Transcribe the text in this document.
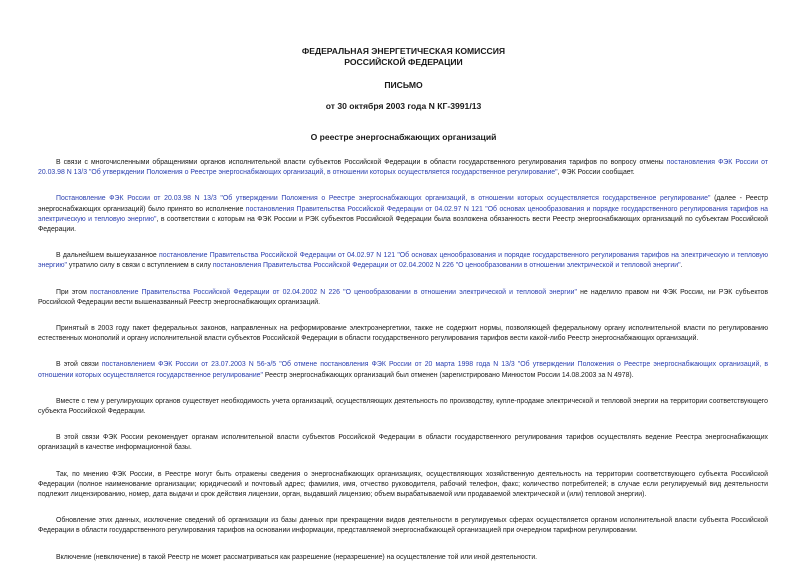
ФЕДЕРАЛЬНАЯ ЭНЕРГЕТИЧЕСКАЯ КОМИССИЯ
РОССИЙСКОЙ ФЕДЕРАЦИИ
ПИСЬМО
от 30 октября 2003 года N КГ-3991/13
О реестре энергоснабжающих организаций

В связи с многочисленными обращениями органов исполнительной власти субъектов Российской Федерации в области государственного регулирования тарифов по вопросу отмены постановления ФЭК России от 20.03.98 N 13/3 "Об утверждении Положения о Реестре энергоснабжающих организаций, в отношении которых осуществляется государственное регулирование", ФЭК России сообщает.

Постановление ФЭК России от 20.03.98 N 13/3 "Об утверждении Положения о Реестре энергоснабжающих организаций, в отношении которых осуществляется государственное регулирование" (далее - Реестр энергоснабжающих организаций) было принято во исполнение постановления Правительства Российской Федерации от 04.02.97 N 121 "Об основах ценообразования и порядке государственного регулирования тарифов на электрическую и тепловую энергию", в соответствии с которым на ФЭК России и РЭК субъектов Российской Федерации была возложена обязанность вести Реестр энергоснабжающих организаций по субъектам Российской Федерации.

В дальнейшем вышеуказанное постановление Правительства Российской Федерации от 04.02.97 N 121 "Об основах ценообразования и порядке государственного регулирования тарифов на электрическую и тепловую энергию" утратило силу в связи с вступлением в силу постановления Правительства Российской Федерации от 02.04.2002 N 226 "О ценообразовании в отношении электрической и тепловой энергии".

При этом постановление Правительства Российской Федерации от 02.04.2002 N 226 "О ценообразовании в отношении электрической и тепловой энергии" не наделило правом ни ФЭК России, ни РЭК субъектов Российской Федерации вести вышеназванный Реестр энергоснабжающих организаций.

Принятый в 2003 году пакет федеральных законов, направленных на реформирование электроэнергетики, также не содержит нормы, позволяющей федеральному органу исполнительной власти по регулированию естественных монополий и органу исполнительной власти субъектов Российской Федерации в области государственного регулирования тарифов вести какой-либо Реестр энергоснабжающих организаций.

В этой связи постановлением ФЭК России от 23.07.2003 N 56-э/5 "Об отмене постановления ФЭК России от 20 марта 1998 года N 13/3 "Об утверждении Положения о Реестре энергоснабжающих организаций, в отношении которых осуществляется государственное регулирование" Реестр энергоснабжающих организаций был отменен (зарегистрировано Минюстом России 14.08.2003 за N 4978).

Вместе с тем у регулирующих органов существует необходимость учета организаций, осуществляющих деятельность по производству, купле-продаже электрической и тепловой энергии на территории соответствующего субъекта Российской Федерации.

В этой связи ФЭК России рекомендует органам исполнительной власти субъектов Российской Федерации в области государственного регулирования тарифов осуществлять ведение Реестра энергоснабжающих организаций в качестве информационной базы.

Так, по мнению ФЭК России, в Реестре могут быть отражены сведения о энергоснабжающих организациях, осуществляющих хозяйственную деятельность на территории соответствующего субъекта Российской Федерации (полное наименование организации; юридический и почтовый адрес; фамилия, имя, отчество руководителя, рабочий телефон, факс; количество потребителей; в случае если регулируемый вид деятельности подлежит лицензированию, номер, дата выдачи и срок действия лицензии, орган, выдавший лицензию; объем вырабатываемой или продаваемой электрической и (или) тепловой энергии).

Обновление этих данных, исключение сведений об организации из базы данных при прекращении видов деятельности в регулируемых сферах осуществляется органом исполнительной власти субъекта Российской Федерации в области государственного регулирования тарифов на основании информации, представляемой энергоснабжающей организацией при очередном тарифном регулировании.

Включение (невключение) в такой Реестр не может рассматриваться как разрешение (неразрешение) на осуществление той или иной деятельности.
